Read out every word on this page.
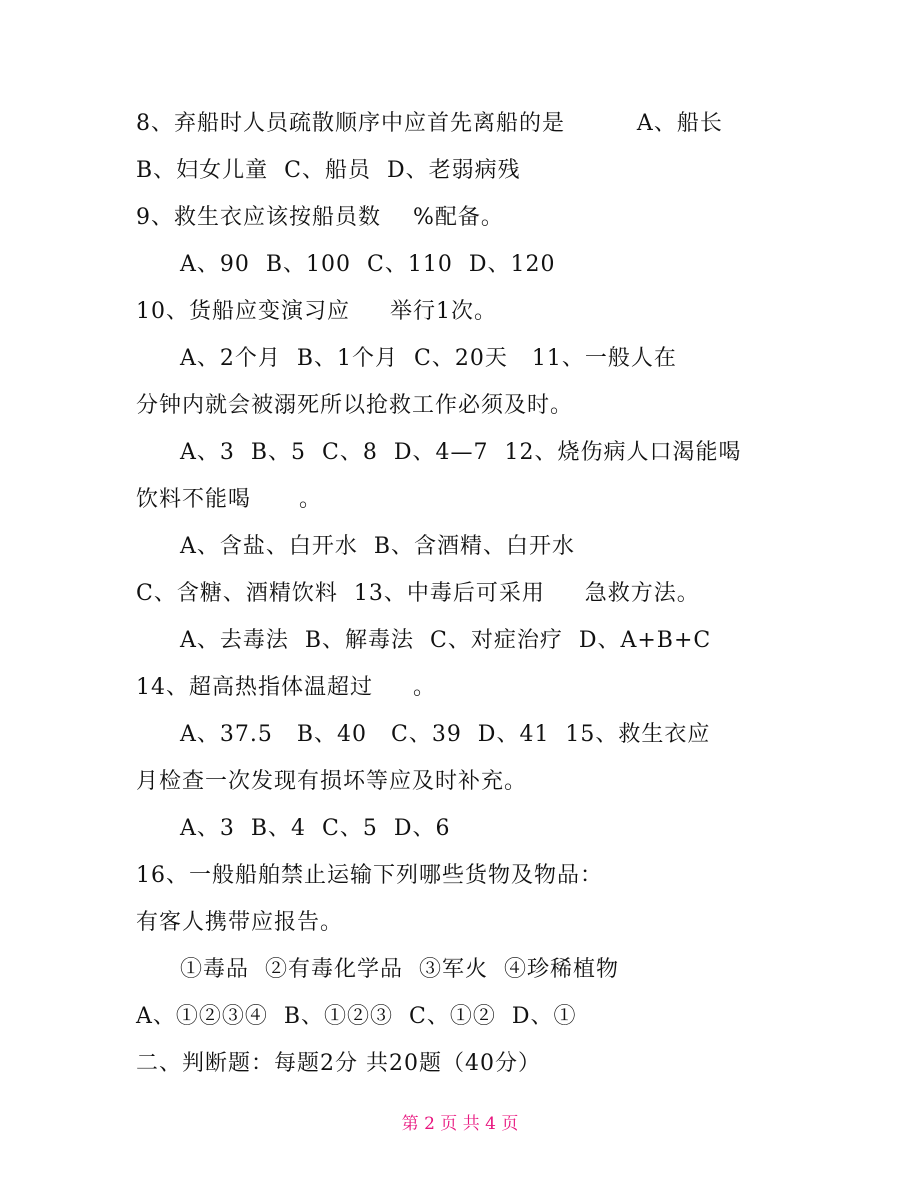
8、弃船时人员疏散顺序中应首先离船的是         A、船长
B、妇女儿童  C、船员  D、老弱病残
9、救生衣应该按船员数    %配备。
A、90  B、100  C、110  D、120
10、货船应变演习应     举行1次。
A、2个月  B、1个月  C、20天   11、一般人在
分钟内就会被溺死所以抢救工作必须及时。
A、3  B、5  C、8  D、4—7  12、烧伤病人口渴能喝
饮料不能喝      。
A、含盐、白开水  B、含酒精、白开水
C、含糖、酒精饮料  13、中毒后可采用     急救方法。
A、去毒法  B、解毒法  C、对症治疗  D、A+B+C
14、超高热指体温超过     。
A、37.5   B、40   C、39  D、41  15、救生衣应
月检查一次发现有损坏等应及时补充。
A、3  B、4  C、5  D、6
16、一般船舶禁止运输下列哪些货物及物品：
有客人携带应报告。
①毒品  ②有毒化学品  ③军火  ④珍稀植物
A、①②③④  B、①②③  C、①②  D、①
二、判断题：每题2分 共20题（40分）
第 2 页 共 4 页
